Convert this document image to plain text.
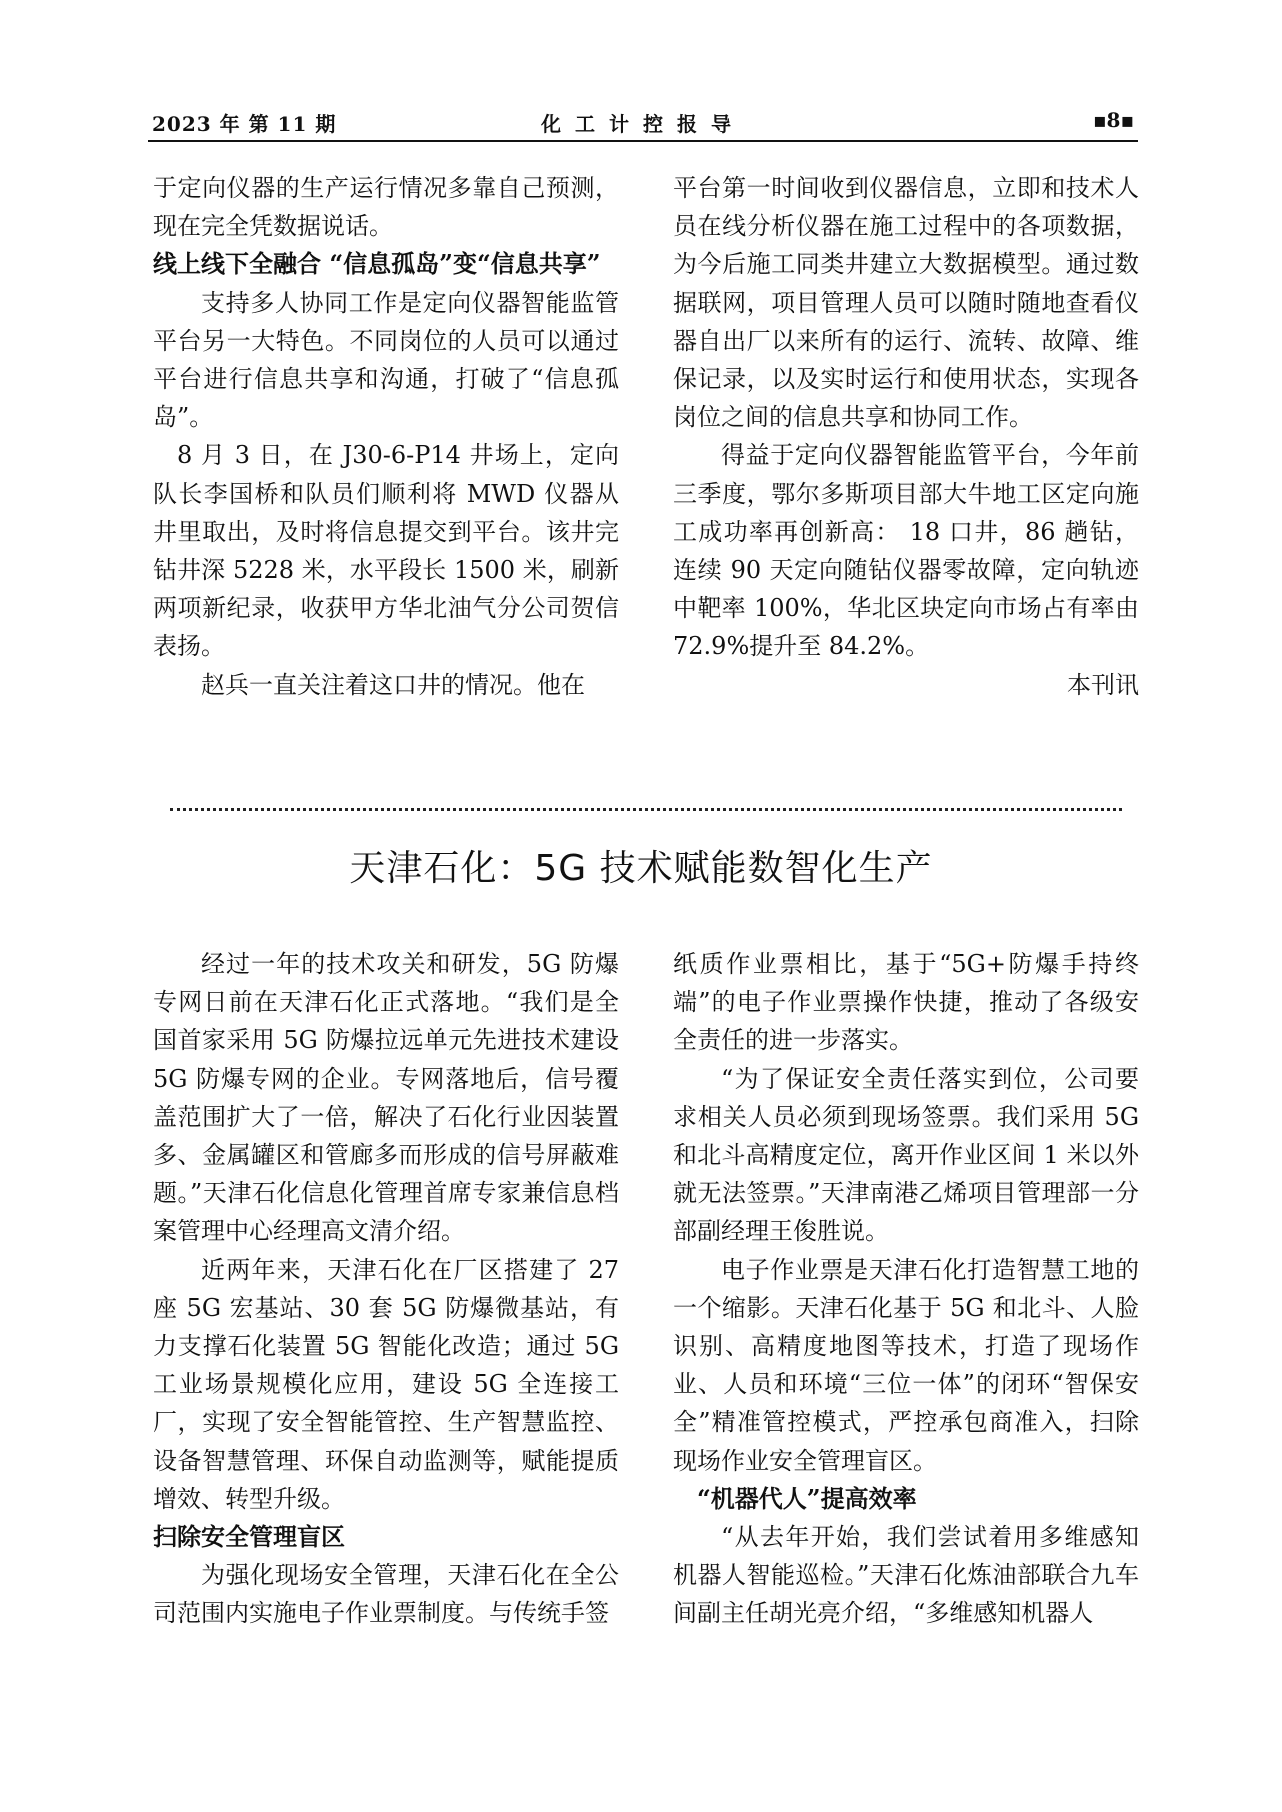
2023 年 第 11 期	化工计控报导	▪8▪

于定向仪器的生产运行情况多靠自己预测，现在完全凭数据说话。

线上线下全融合 “信息孤岛”变“信息共享”

支持多人协同工作是定向仪器智能监管平台另一大特色。不同岗位的人员可以通过平台进行信息共享和沟通，打破了“信息孤岛”。

8 月 3 日，在 J30-6-P14 井场上，定向队长李国桥和队员们顺利将 MWD 仪器从井里取出，及时将信息提交到平台。该井完钻井深 5228 米，水平段长 1500 米，刷新两项新纪录，收获甲方华北油气分公司贺信表扬。

赵兵一直关注着这口井的情况。他在

平台第一时间收到仪器信息，立即和技术人员在线分析仪器在施工过程中的各项数据，为今后施工同类井建立大数据模型。通过数据联网，项目管理人员可以随时随地查看仪器自出厂以来所有的运行、流转、故障、维保记录，以及实时运行和使用状态，实现各岗位之间的信息共享和协同工作。

得益于定向仪器智能监管平台，今年前三季度，鄂尔多斯项目部大牛地工区定向施工成功率再创新高： 18 口井，86 趟钻，连续 90 天定向随钻仪器零故障，定向轨迹中靶率 100%，华北区块定向市场占有率由 72.9%提升至 84.2%。

本刊讯

天津石化：5G 技术赋能数智化生产

经过一年的技术攻关和研发，5G 防爆专网日前在天津石化正式落地。“我们是全国首家采用 5G 防爆拉远单元先进技术建设 5G 防爆专网的企业。专网落地后，信号覆盖范围扩大了一倍，解决了石化行业因装置多、金属罐区和管廊多而形成的信号屏蔽难题。”天津石化信息化管理首席专家兼信息档案管理中心经理高文清介绍。

近两年来，天津石化在厂区搭建了 27 座 5G 宏基站、30 套 5G 防爆微基站，有力支撑石化装置 5G 智能化改造；通过 5G 工业场景规模化应用，建设 5G 全连接工厂，实现了安全智能管控、生产智慧监控、设备智慧管理、环保自动监测等，赋能提质增效、转型升级。

扫除安全管理盲区

为强化现场安全管理，天津石化在全公司范围内实施电子作业票制度。与传统手签

纸质作业票相比，基于“5G+防爆手持终端”的电子作业票操作快捷，推动了各级安全责任的进一步落实。

“为了保证安全责任落实到位，公司要求相关人员必须到现场签票。我们采用 5G 和北斗高精度定位，离开作业区间 1 米以外就无法签票。”天津南港乙烯项目管理部一分部副经理王俊胜说。

电子作业票是天津石化打造智慧工地的一个缩影。天津石化基于 5G 和北斗、人脸识别、高精度地图等技术，打造了现场作业、人员和环境“三位一体”的闭环“智保安全”精准管控模式，严控承包商准入，扫除现场作业安全管理盲区。

“机器代人”提高效率

“从去年开始，我们尝试着用多维感知机器人智能巡检。”天津石化炼油部联合九车间副主任胡光亮介绍，“多维感知机器人
